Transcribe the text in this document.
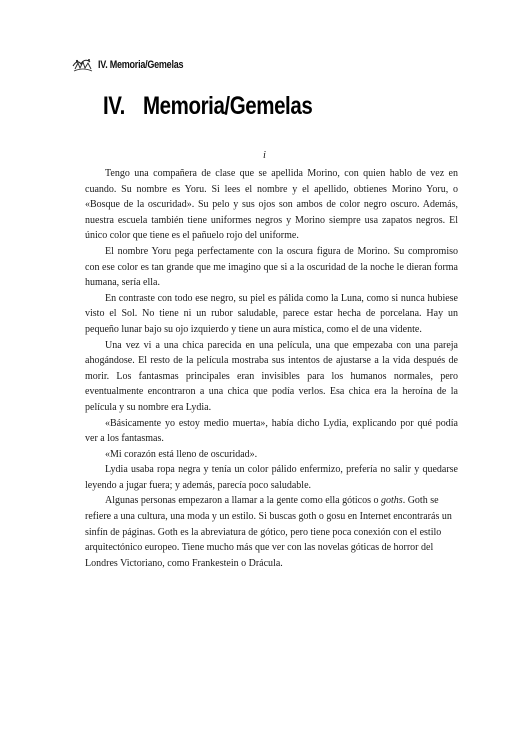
IV. Memoria/Gemelas
IV. Memoria/Gemelas
i

Tengo una compañera de clase que se apellida Morino, con quien hablo de vez en cuando. Su nombre es Yoru. Si lees el nombre y el apellido, obtienes Morino Yoru, o «Bosque de la oscuridad». Su pelo y sus ojos son ambos de color negro oscuro. Además, nuestra escuela también tiene uniformes negros y Morino siempre usa zapatos negros. El único color que tiene es el pañuelo rojo del uniforme.

El nombre Yoru pega perfectamente con la oscura figura de Morino. Su compromiso con ese color es tan grande que me imagino que si a la oscuridad de la noche le dieran forma humana, sería ella.

En contraste con todo ese negro, su piel es pálida como la Luna, como si nunca hubiese visto el Sol. No tiene ni un rubor saludable, parece estar hecha de porcelana. Hay un pequeño lunar bajo su ojo izquierdo y tiene un aura mística, como el de una vidente.

Una vez vi a una chica parecida en una película, una que empezaba con una pareja ahogándose. El resto de la película mostraba sus intentos de ajustarse a la vida después de morir. Los fantasmas principales eran invisibles para los humanos normales, pero eventualmente encontraron a una chica que podía verlos. Esa chica era la heroína de la película y su nombre era Lydia.

«Básicamente yo estoy medio muerta», había dicho Lydia, explicando por qué podía ver a los fantasmas.

«Mi corazón está lleno de oscuridad».

Lydia usaba ropa negra y tenía un color pálido enfermizo, prefería no salir y quedarse leyendo a jugar fuera; y además, parecía poco saludable.

Algunas personas empezaron a llamar a la gente como ella góticos o goths. Goth se refiere a una cultura, una moda y un estilo. Si buscas goth o gosu en Internet encontrarás un sinfín de páginas. Goth es la abreviatura de gótico, pero tiene poca conexión con el estilo arquitectónico europeo. Tiene mucho más que ver con las novelas góticas de horror del Londres Victoriano, como Frankestein o Drácula.
